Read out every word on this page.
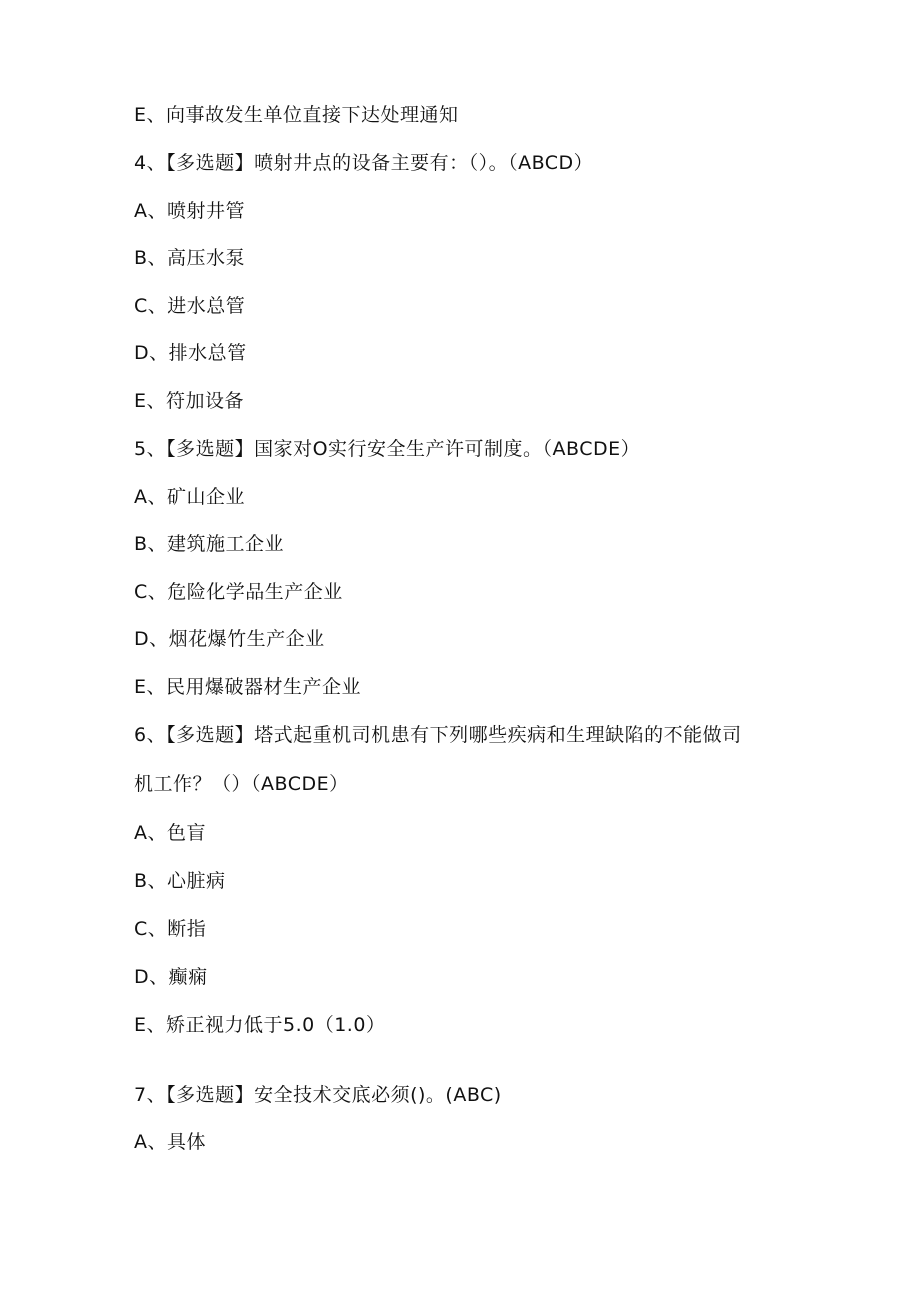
E、向事故发生单位直接下达处理通知
4、【多选题】喷射井点的设备主要有：（）。（ABCD）
A、喷射井管
B、高压水泵
C、进水总管
D、排水总管
E、符加设备
5、【多选题】国家对O实行安全生产许可制度。（ABCDE）
A、矿山企业
B、建筑施工企业
C、危险化学品生产企业
D、烟花爆竹生产企业
E、民用爆破器材生产企业
6、【多选题】塔式起重机司机患有下列哪些疾病和生理缺陷的不能做司
机工作？（）（ABCDE）
A、色盲
B、心脏病
C、断指
D、癫痫
E、矫正视力低于5.0（1.0）
7、【多选题】安全技术交底必须()。(ABC)
A、具体
